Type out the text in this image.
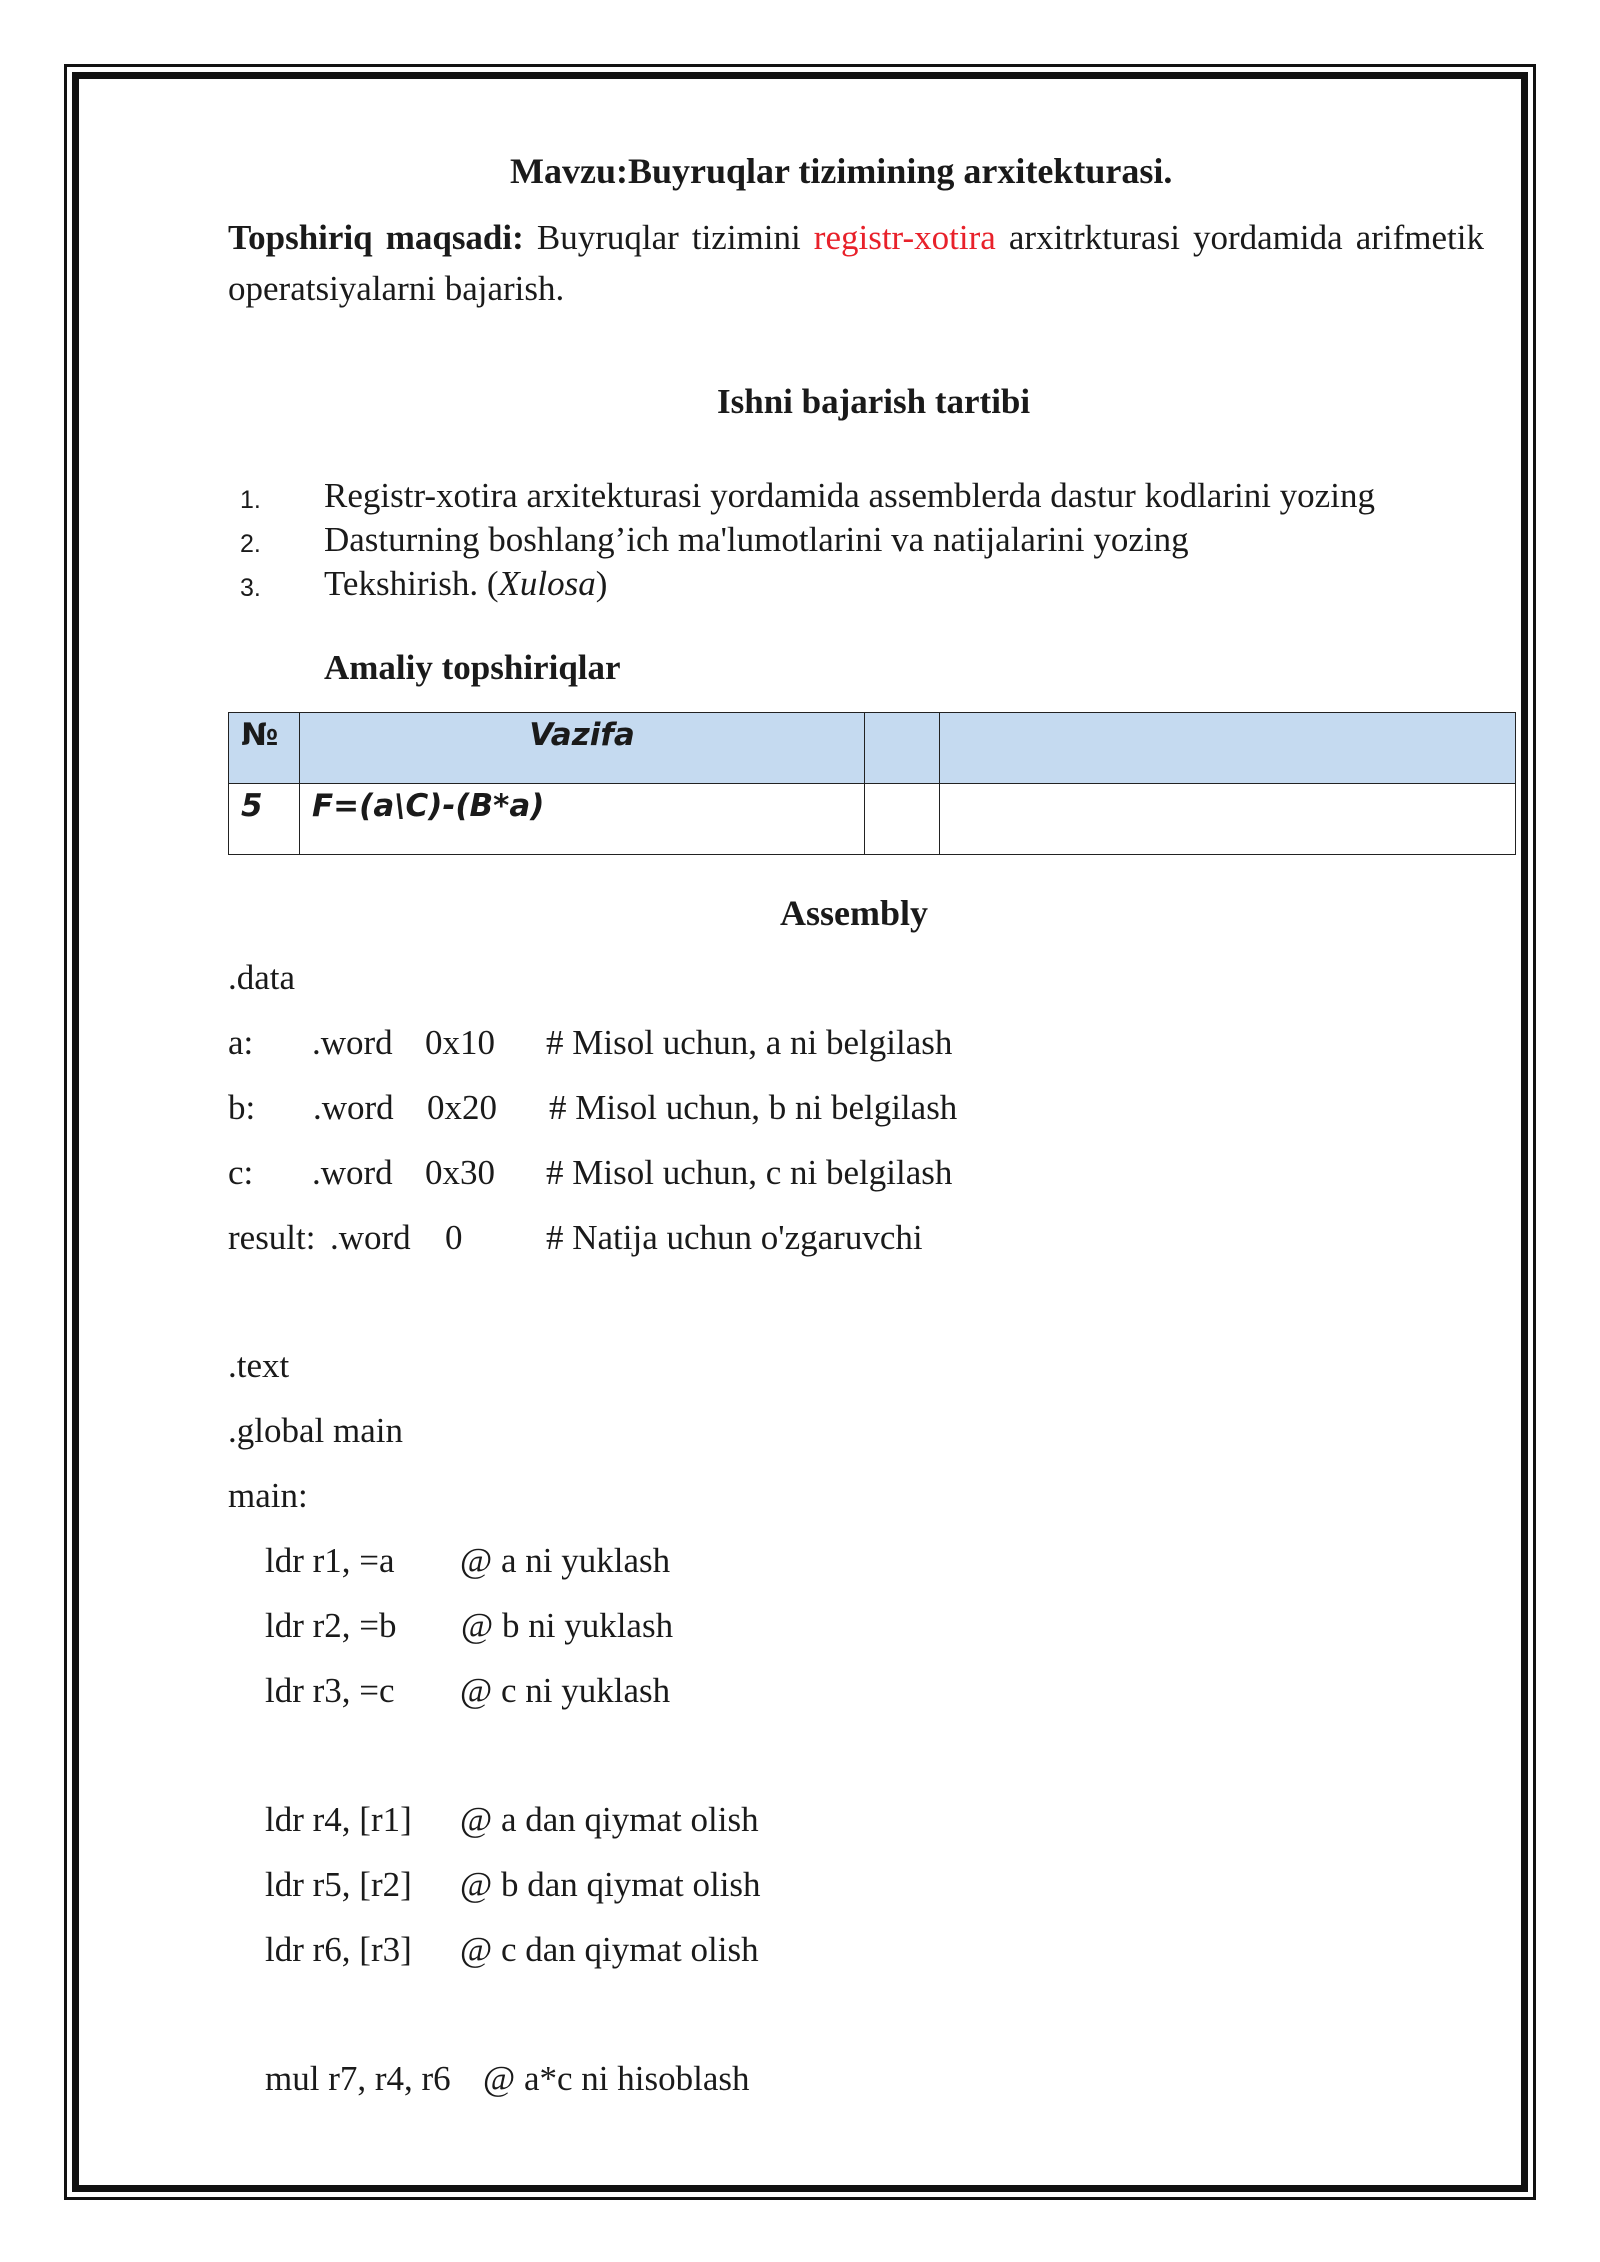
Mavzu:Buyruqlar tizimining arxitekturasi.
Topshiriq maqsadi: Buyruqlar tizimini registr-xotira arxitrkturasi yordamida arifmetik operatsiyalarni bajarish.
Ishni bajarish tartibi
1. Registr-xotira arxitekturasi yordamida assemblerda dastur kodlarini yozing
2. Dasturning boshlang’ich ma'lumotlarini va natijalarini yozing
3. Tekshirish. (Xulosa)
Amaliy topshiriqlar
№	Vazifa		
5	F=(a\C)-(B*a)		
Assembly
.data
a: .word 0x10 # Misol uchun, a ni belgilash
b: .word 0x20 # Misol uchun, b ni belgilash
c: .word 0x30 # Misol uchun, c ni belgilash
result: .word 0 # Natija uchun o'zgaruvchi
.text
.global main
main:
ldr r1, =a @ a ni yuklash
ldr r2, =b @ b ni yuklash
ldr r3, =c @ c ni yuklash
ldr r4, [r1] @ a dan qiymat olish
ldr r5, [r2] @ b dan qiymat olish
ldr r6, [r3] @ c dan qiymat olish
mul r7, r4, r6 @ a*c ni hisoblash
